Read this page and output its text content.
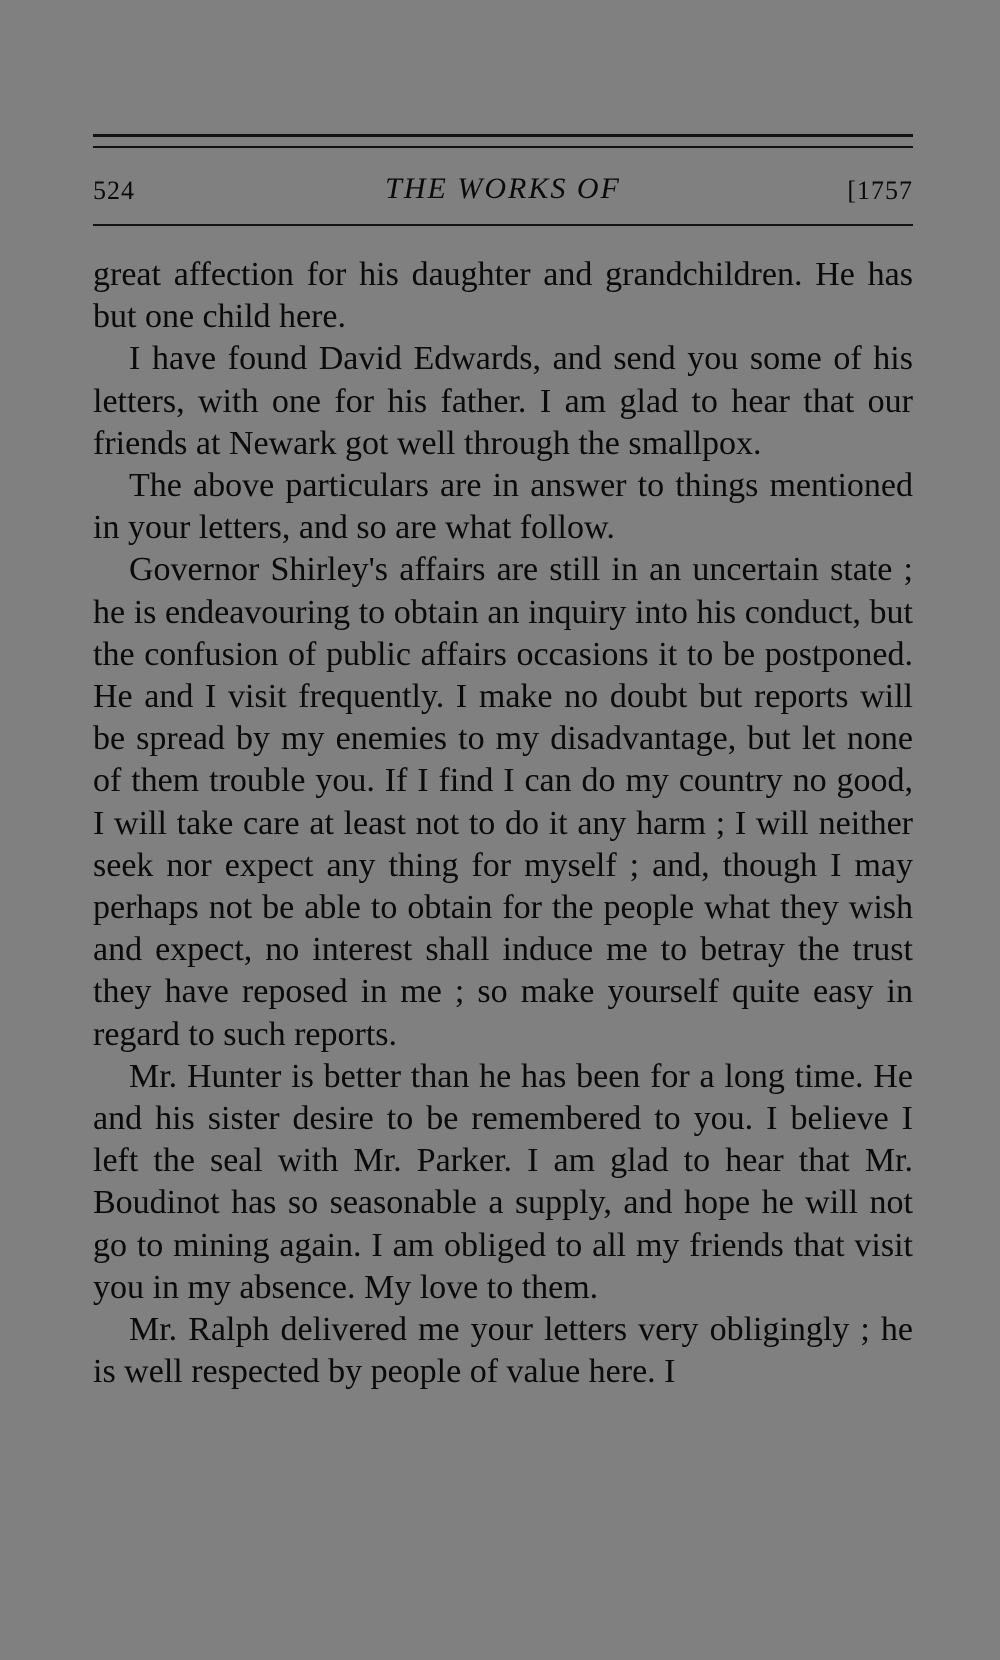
524	THE WORKS OF	[1757

great affection for his daughter and grandchildren. He has but one child here.

I have found David Edwards, and send you some of his letters, with one for his father. I am glad to hear that our friends at Newark got well through the smallpox.

The above particulars are in answer to things mentioned in your letters, and so are what follow.

Governor Shirley's affairs are still in an uncertain state ; he is endeavouring to obtain an inquiry into his conduct, but the confusion of public affairs occasions it to be postponed. He and I visit frequently. I make no doubt but reports will be spread by my enemies to my disadvantage, but let none of them trouble you. If I find I can do my country no good, I will take care at least not to do it any harm ; I will neither seek nor expect any thing for myself ; and, though I may perhaps not be able to obtain for the people what they wish and expect, no interest shall induce me to betray the trust they have reposed in me ; so make yourself quite easy in regard to such reports.

Mr. Hunter is better than he has been for a long time. He and his sister desire to be remembered to you. I believe I left the seal with Mr. Parker. I am glad to hear that Mr. Boudinot has so seasonable a supply, and hope he will not go to mining again. I am obliged to all my friends that visit you in my absence. My love to them.

Mr. Ralph delivered me your letters very obligingly ; he is well respected by people of value here. I
